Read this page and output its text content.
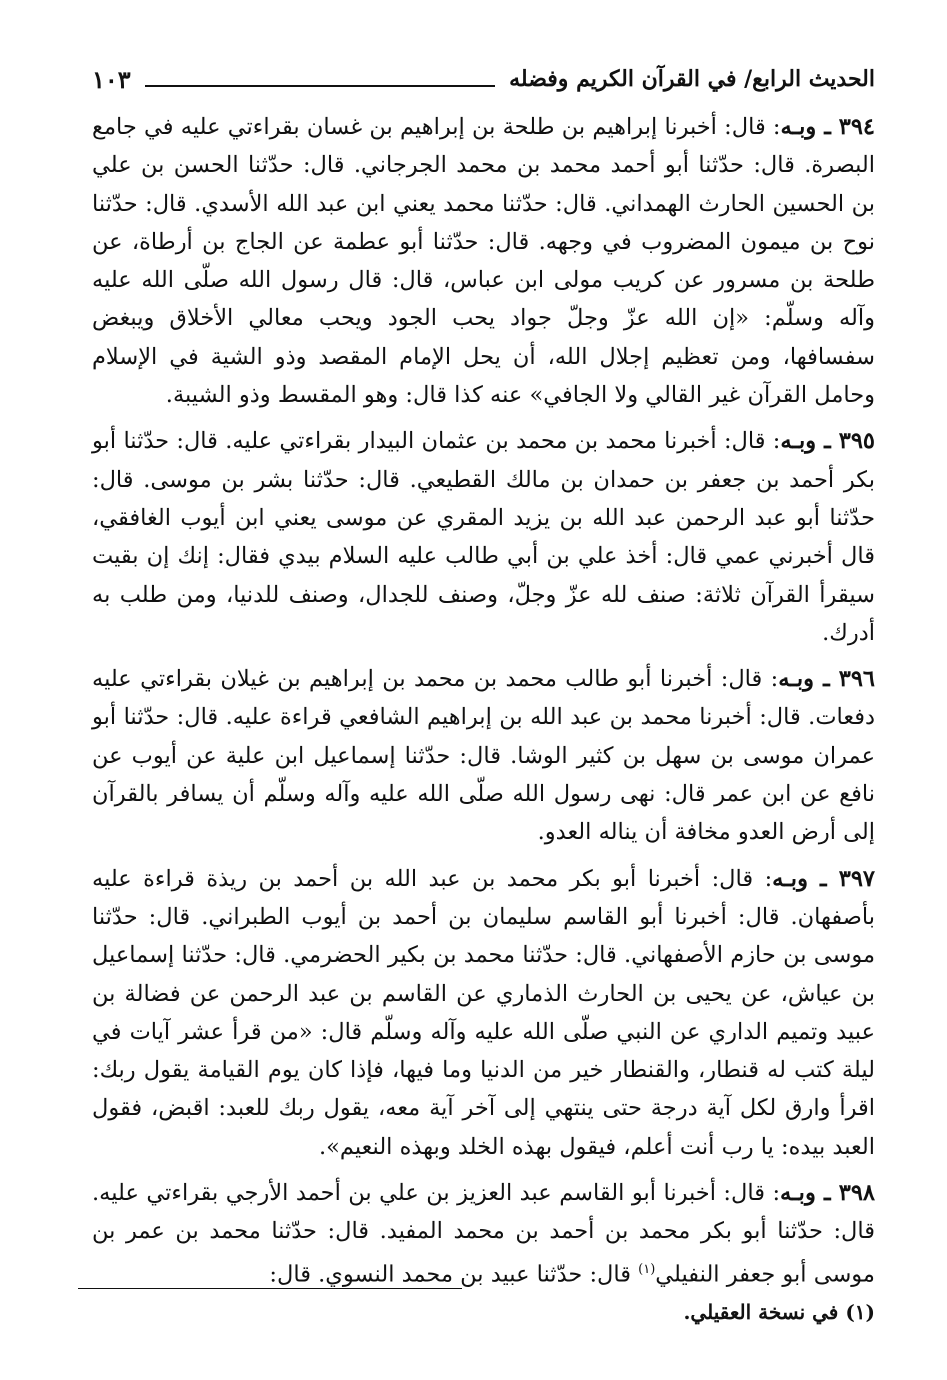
الحديث الرابع/ في القرآن الكريم وفضله
١٠٣

٣٩٤ ـ وبـه: قال: أخبرنا إبراهيم بن طلحة بن إبراهيم بن غسان بقراءتي عليه في جامع البصرة. قال: حدّثنا أبو أحمد محمد بن محمد الجرجاني. قال: حدّثنا الحسن بن علي بن الحسين الحارث الهمداني. قال: حدّثنا محمد يعني ابن عبد الله الأسدي. قال: حدّثنا نوح بن ميمون المضروب في وجهه. قال: حدّثنا أبو عطمة عن الجاج بن أرطاة، عن طلحة بن مسرور عن كريب مولى ابن عباس، قال: قال رسول الله صلّى الله عليه وآله وسلّم: «إن الله عزّ وجلّ جواد يحب الجود ويحب معالي الأخلاق ويبغض سفسافها، ومن تعظيم إجلال الله، أن يحل الإمام المقصد وذو الشية في الإسلام وحامل القرآن غير القالي ولا الجافي» عنه كذا قال: وهو المقسط وذو الشيبة.

٣٩٥ ـ وبـه: قال: أخبرنا محمد بن محمد بن عثمان البيدار بقراءتي عليه. قال: حدّثنا أبو بكر أحمد بن جعفر بن حمدان بن مالك القطيعي. قال: حدّثنا بشر بن موسى. قال: حدّثنا أبو عبد الرحمن عبد الله بن يزيد المقري عن موسى يعني ابن أيوب الغافقي، قال أخبرني عمي قال: أخذ علي بن أبي طالب عليه السلام بيدي فقال: إنك إن بقيت سيقرأ القرآن ثلاثة: صنف لله عزّ وجلّ، وصنف للجدال، وصنف للدنيا، ومن طلب به أدرك.

٣٩٦ ـ وبـه: قال: أخبرنا أبو طالب محمد بن محمد بن إبراهيم بن غيلان بقراءتي عليه دفعات. قال: أخبرنا محمد بن عبد الله بن إبراهيم الشافعي قراءة عليه. قال: حدّثنا أبو عمران موسى بن سهل بن كثير الوشا. قال: حدّثنا إسماعيل ابن علية عن أيوب عن نافع عن ابن عمر قال: نهى رسول الله صلّى الله عليه وآله وسلّم أن يسافر بالقرآن إلى أرض العدو مخافة أن يناله العدو.

٣٩٧ ـ وبـه: قال: أخبرنا أبو بكر محمد بن عبد الله بن أحمد بن ريذة قراءة عليه بأصفهان. قال: أخبرنا أبو القاسم سليمان بن أحمد بن أيوب الطبراني. قال: حدّثنا موسى بن حازم الأصفهاني. قال: حدّثنا محمد بن بكير الحضرمي. قال: حدّثنا إسماعيل بن عياش، عن يحيى بن الحارث الذماري عن القاسم بن عبد الرحمن عن فضالة بن عبيد وتميم الداري عن النبي صلّى الله عليه وآله وسلّم قال: «من قرأ عشر آيات في ليلة كتب له قنطار، والقنطار خير من الدنيا وما فيها، فإذا كان يوم القيامة يقول ربك: اقرأ وارق لكل آية درجة حتى ينتهي إلى آخر آية معه، يقول ربك للعبد: اقبض، فقول العبد بيده: يا رب أنت أعلم، فيقول بهذه الخلد وبهذه النعيم».

٣٩٨ ـ وبـه: قال: أخبرنا أبو القاسم عبد العزيز بن علي بن أحمد الأرجي بقراءتي عليه. قال: حدّثنا أبو بكر محمد بن أحمد بن محمد المفيد. قال: حدّثنا محمد بن عمر بن موسى أبو جعفر النفيلي$^{(١)}$ قال: حدّثنا عبيد بن محمد النسوي. قال:

(١) في نسخة العقيلي.
